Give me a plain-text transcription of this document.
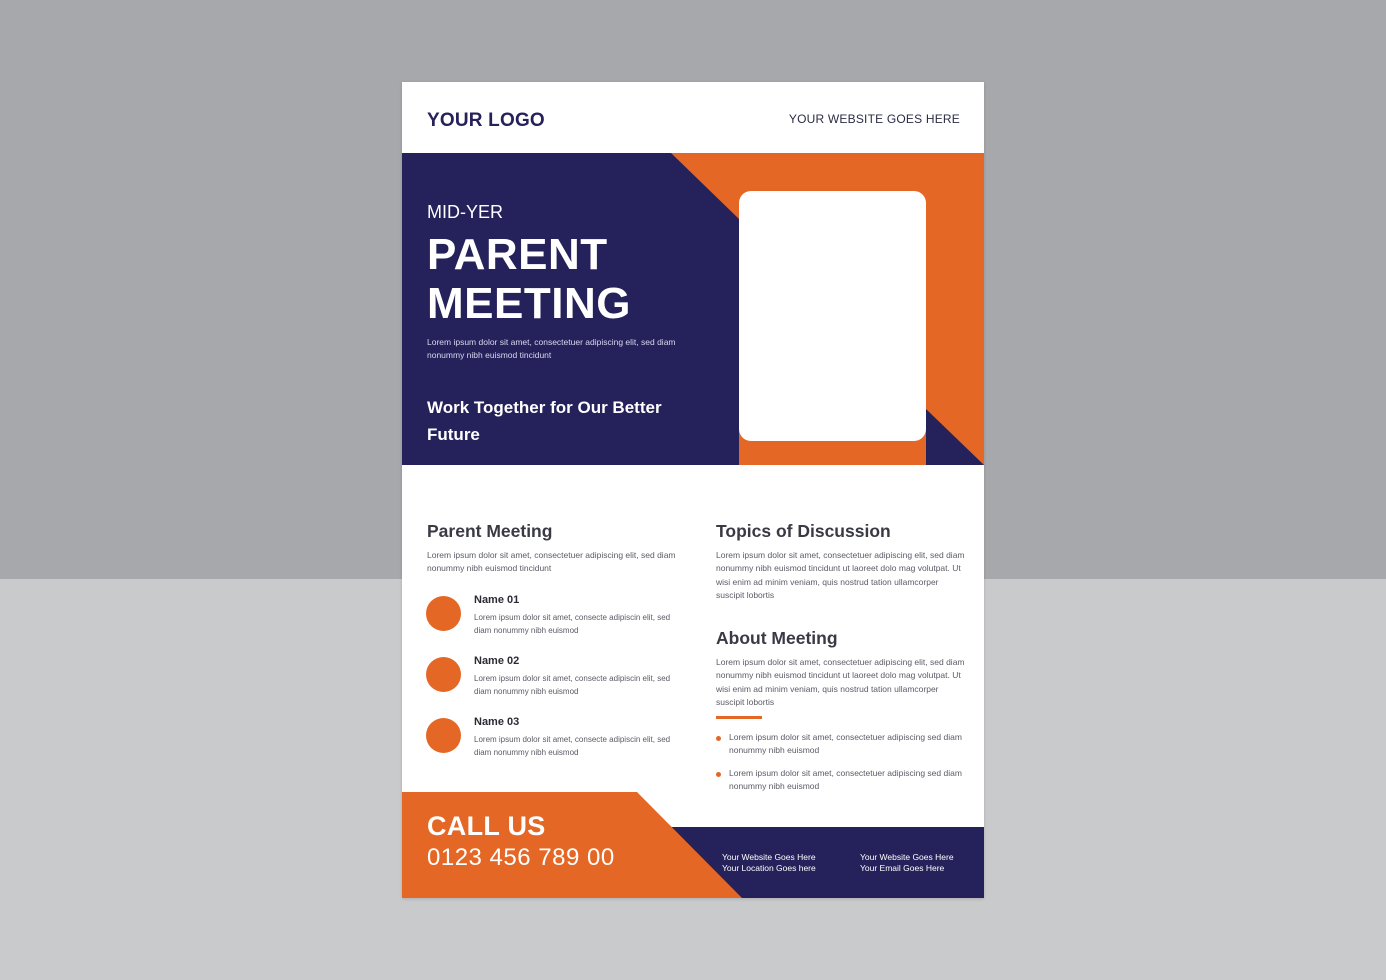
YOUR LOGO	YOUR WEBSITE GOES HERE
MID-YER
PARENT
MEETING
Lorem ipsum dolor sit amet, consectetuer adipiscing elit, sed diam nonummy nibh euismod tincidunt
Work Together for Our Better Future
Parent Meeting
Lorem ipsum dolor sit amet, consectetuer adipiscing elit, sed diam nonummy nibh euismod tincidunt
Name 01
Lorem ipsum dolor sit amet, consecte adipiscin elit, sed diam nonummy nibh euismod
Name 02
Lorem ipsum dolor sit amet, consecte adipiscin elit, sed diam nonummy nibh euismod
Name 03
Lorem ipsum dolor sit amet, consecte adipiscin elit, sed diam nonummy nibh euismod
Topics of Discussion
Lorem ipsum dolor sit amet, consectetuer adipiscing elit, sed diam nonummy nibh euismod tincidunt ut laoreet dolo mag volutpat. Ut wisi enim ad minim veniam, quis nostrud tation ullamcorper suscipit lobortis
About Meeting
Lorem ipsum dolor sit amet, consectetuer adipiscing elit, sed diam nonummy nibh euismod tincidunt ut laoreet dolo mag volutpat. Ut wisi enim ad minim veniam, quis nostrud tation ullamcorper suscipit lobortis
Lorem ipsum dolor sit amet, consectetuer adipiscing sed diam nonummy nibh euismod
Lorem ipsum dolor sit amet, consectetuer adipiscing sed diam nonummy nibh euismod
CALL US
0123 456 789 00	Your Website Goes Here
Your Location Goes here
Your Website Goes Here
Your Email Goes Here
